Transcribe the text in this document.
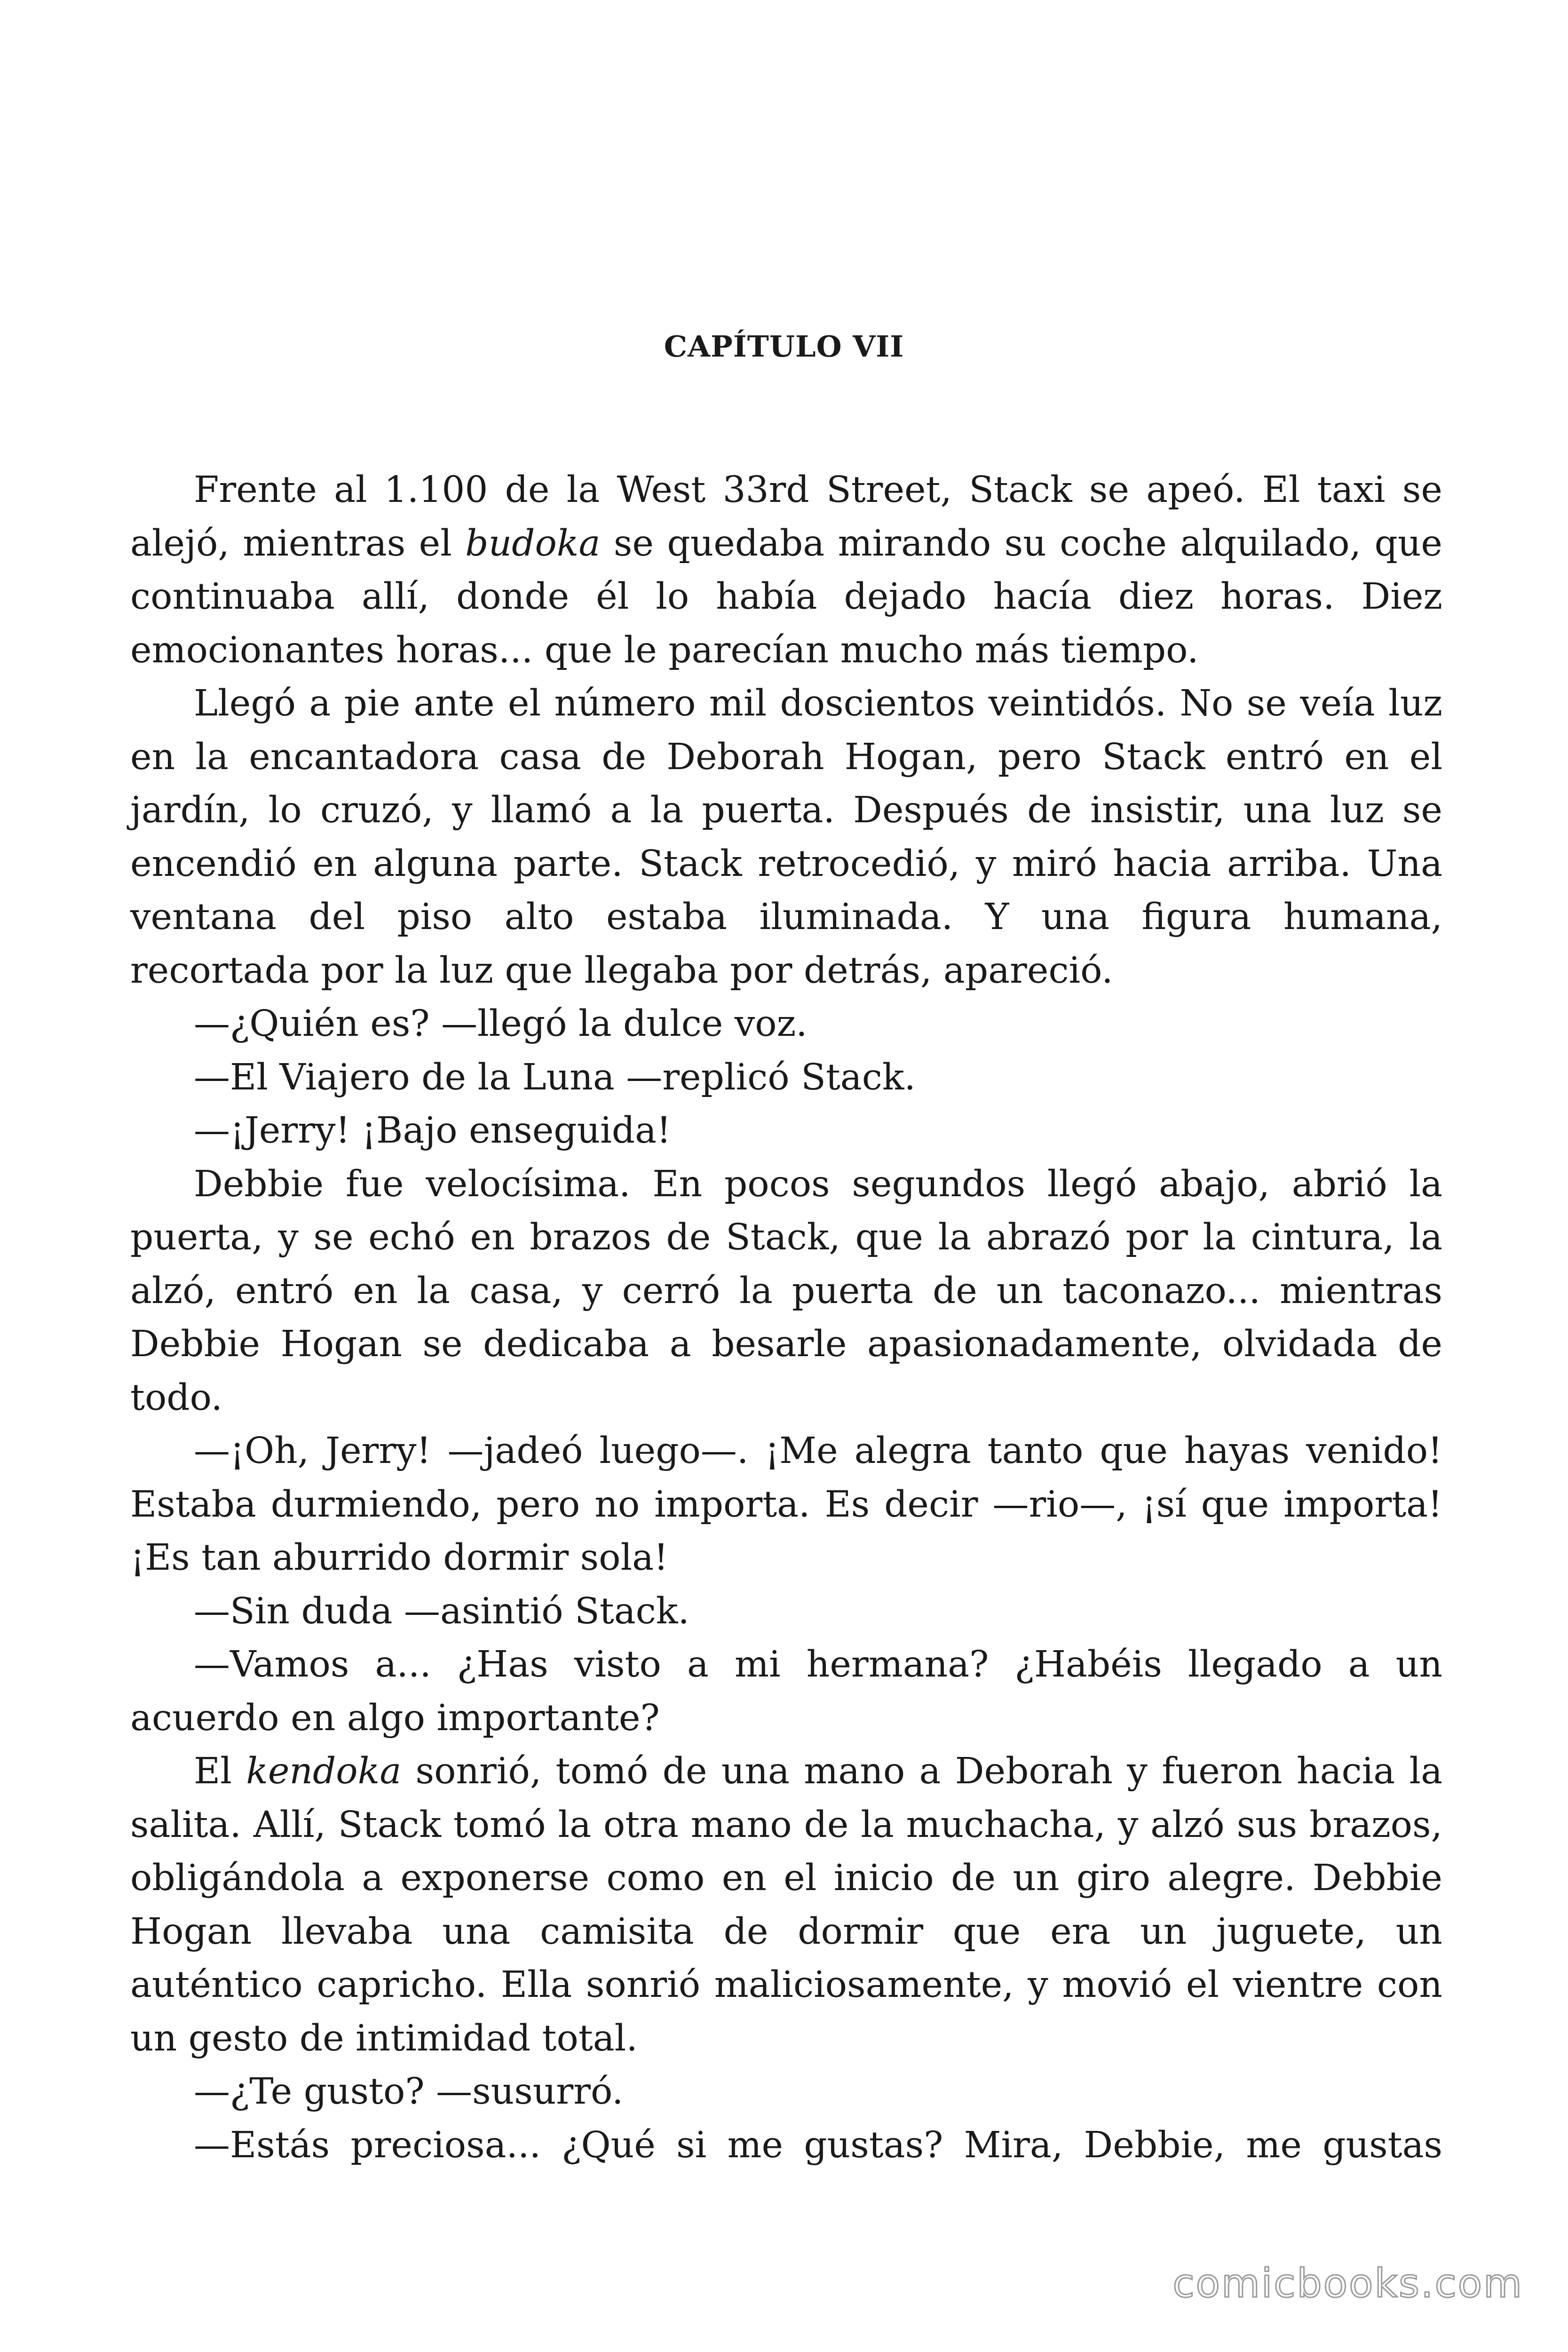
CAPÍTULO VII

Frente al 1.100 de la West 33rd Street, Stack se apeó. El taxi se alejó, mientras el budoka se quedaba mirando su coche alquilado, que continuaba allí, donde él lo había dejado hacía diez horas. Diez emocionantes horas... que le parecían mucho más tiempo.

Llegó a pie ante el número mil doscientos veintidós. No se veía luz en la encantadora casa de Deborah Hogan, pero Stack entró en el jardín, lo cruzó, y llamó a la puerta. Después de insistir, una luz se encendió en alguna parte. Stack retrocedió, y miró hacia arriba. Una ventana del piso alto estaba iluminada. Y una figura humana, recortada por la luz que llegaba por detrás, apareció.

—¿Quién es? —llegó la dulce voz.

—El Viajero de la Luna —replicó Stack.

—¡Jerry! ¡Bajo enseguida!

Debbie fue velocísima. En pocos segundos llegó abajo, abrió la puerta, y se echó en brazos de Stack, que la abrazó por la cintura, la alzó, entró en la casa, y cerró la puerta de un taconazo... mientras Debbie Hogan se dedicaba a besarle apasionadamente, olvidada de todo.

—¡Oh, Jerry! —jadeó luego—. ¡Me alegra tanto que hayas venido! Estaba durmiendo, pero no importa. Es decir —rio—, ¡sí que importa! ¡Es tan aburrido dormir sola!

—Sin duda —asintió Stack.

—Vamos a... ¿Has visto a mi hermana? ¿Habéis llegado a un acuerdo en algo importante?

El kendoka sonrió, tomó de una mano a Deborah y fueron hacia la salita. Allí, Stack tomó la otra mano de la muchacha, y alzó sus brazos, obligándola a exponerse como en el inicio de un giro alegre. Debbie Hogan llevaba una camisita de dormir que era un juguete, un auténtico capricho. Ella sonrió maliciosamente, y movió el vientre con un gesto de intimidad total.

—¿Te gusto? —susurró.

—Estás preciosa... ¿Qué si me gustas? Mira, Debbie, me gustas

comicbooks.com
